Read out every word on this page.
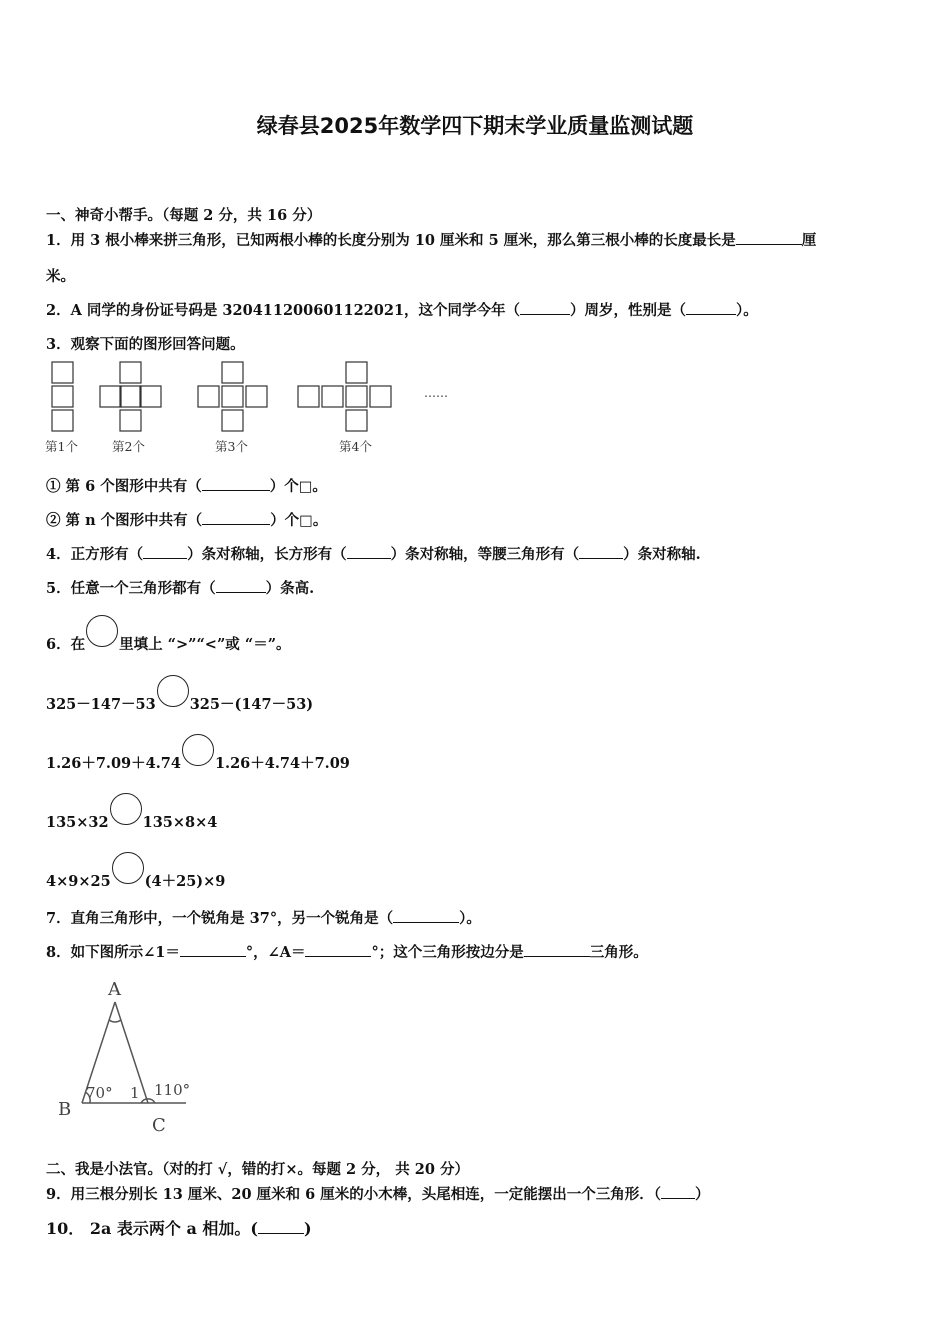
绿春县2025年数学四下期末学业质量监测试题
一、神奇小帮手。（每题 2 分，共 16 分）
1．用 3 根小棒来拼三角形，已知两根小棒的长度分别为 10 厘米和 5 厘米，那么第三根小棒的长度最长是	厘
米。
2．A 同学的身份证号码是 320411200601122021，这个同学今年（	）周岁，性别是（	）。
3．观察下面的图形回答问题。
……
第1个	第2个	第3个	第4个
① 第 6 个图形中共有（	）个□。
② 第 n 个图形中共有（	）个□。
4．正方形有（	）条对称轴，长方形有（	）条对称轴，等腰三角形有（	）条对称轴.
5．任意一个三角形都有（	）条高.
6．在 里填上 “>”“<”或 “＝”。
325－147－53 325－(147－53)
1.26＋7.09＋4.74 1.26＋4.74＋7.09
135×32 135×8×4
4×9×25 (4＋25)×9
7．直角三角形中，一个锐角是 37°，另一个锐角是（	）。
8．如下图所示∠1＝	°，∠A＝	°；这个三角形按边分是	三角形。
A
B
C
70° 1 110°
二、我是小法官。（对的打 √，错的打×。每题 2 分， 共 20 分）
9．用三根分别长 13 厘米、20 厘米和 6 厘米的小木棒，头尾相连，一定能摆出一个三角形．（ ）
10． 2a 表示两个 a 相加。(	)
